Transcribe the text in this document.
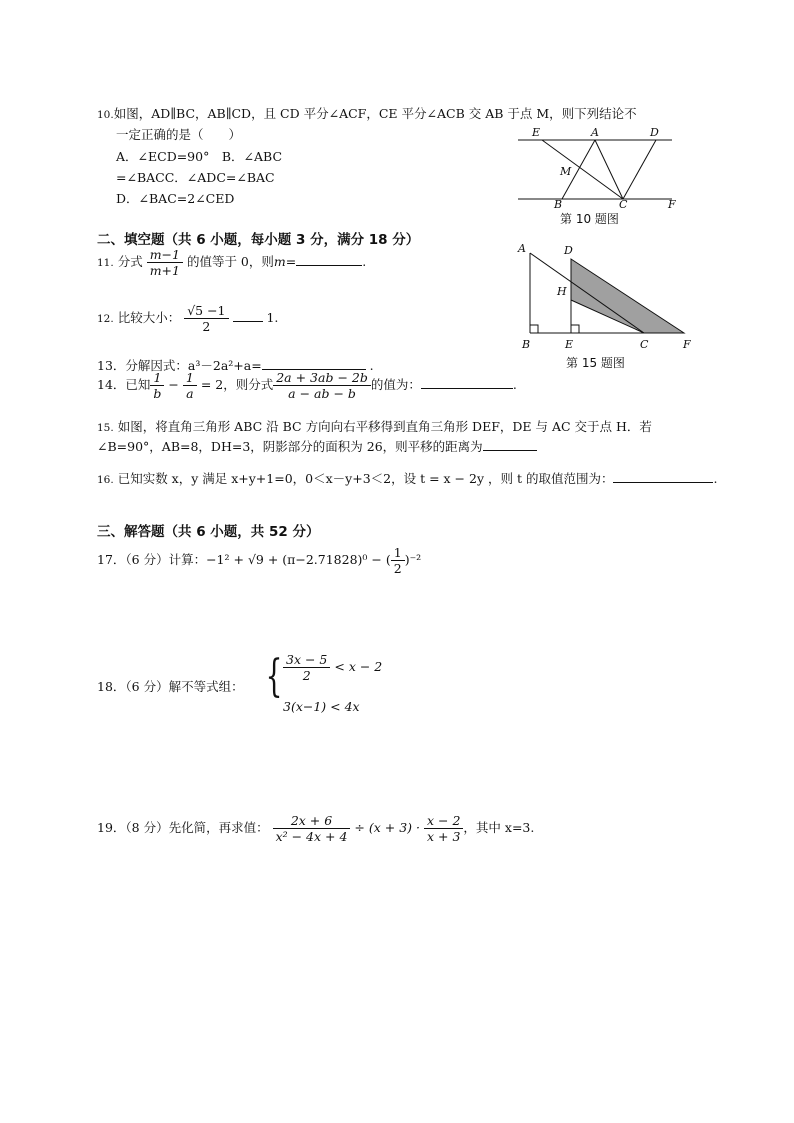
10.如图，AD∥BC，AB∥CD，且 CD 平分∠ACF，CE 平分∠ACB 交 AB 于点 M，则下列结论不
一定正确的是（　　）
A．∠ECD=90°　 B．∠ABC
=∠BACC．∠ADC=∠BAC
D．∠BAC=2∠CED
E	A	D
M
B	C	F
第 10 题图
二、填空题（共 6 小题，每小题 3 分，满分 18 分）
11. 分式 $\frac{m-1}{m+1}$ 的值等于 0，则m=	.
12. 比较大小： $\frac{√5 -1}{2}$	1.
13．分解因式：a³－2a²+a=	.
14．已知 $\frac{1}{b} - \frac{1}{a} = 2$，则分式 $\frac{2a + 3ab - 2b}{a - ab - b}$ 的值为：	.
A	D
H
B	E	C	F
第 15 题图
15. 如图，将直角三角形 ABC 沿 BC 方向向右平移得到直角三角形 DEF，DE 与 AC 交于点 H．若
∠B=90°，AB=8，DH=3，阴影部分的面积为 26，则平移的距离为
16. 已知实数 x，y 满足 x+y+1=0，0＜x－y+3＜2，设 t = x − 2y ，则 t 的取值范围为：	.
三、解答题（共 6 小题，共 52 分）
17．（6 分）计算：−1² + √9 + (π−2.71828)⁰ − ( $\frac{1}{2} )^{-2}$
18．（6 分）解不等式组： { $\frac{3x - 5}{2} < x - 2$
3(x−1) < 4x
19．（8 分）先化简，再求值： $\frac{2x + 6}{\text{x² − 4x + 4}} \div (x + 3) \cdot \frac{x - 2}{x + 3}$ ，其中 x=3.
